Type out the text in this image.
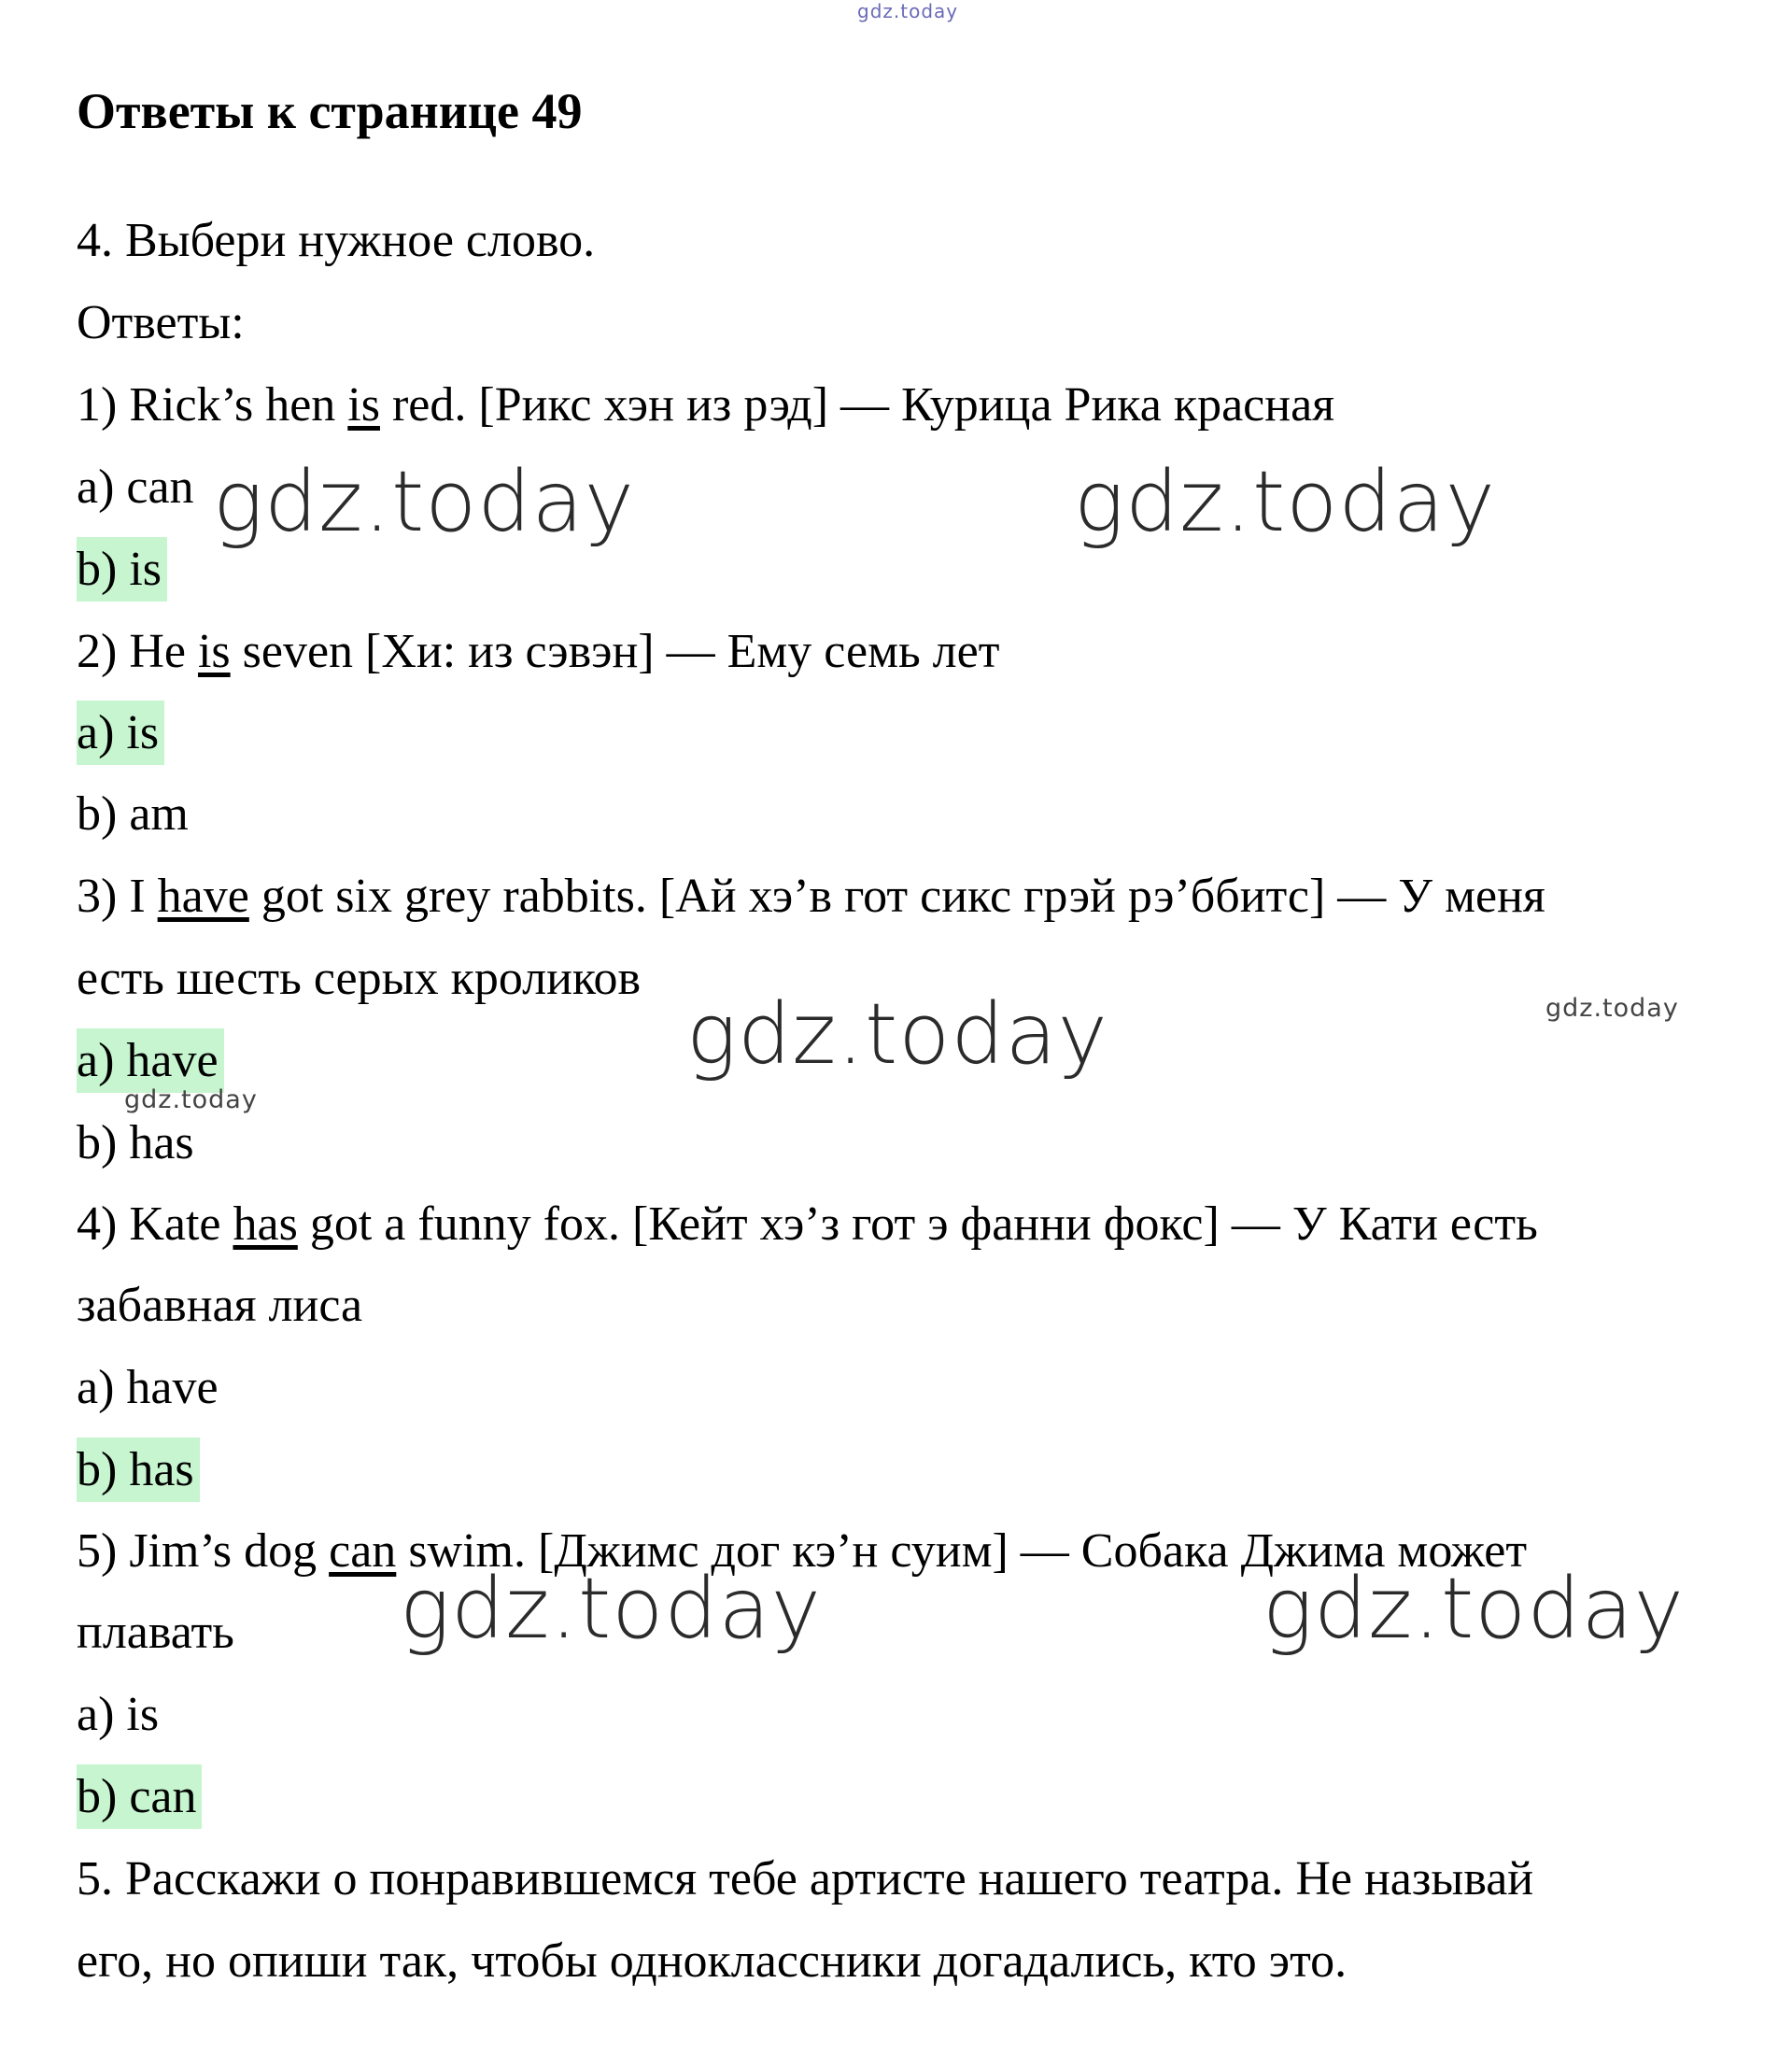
gdz.today
Ответы к странице 49
4. Выбери нужное слово.
Ответы:
1) Rick’s hen is red. [Рикс хэн из рэд] — Курица Рика красная
a) can
b) is
2) He is seven [Хи: из сэвэн] — Ему семь лет
a) is
b) am
3) I have got six grey rabbits. [Ай хэ’в гот сикс грэй рэ’ббитс] — У меня
есть шесть серых кроликов
a) have
b) has
4) Kate has got a funny fox. [Кейт хэ’з гот э фанни фокс] — У Кати есть
забавная лиса
a) have
b) has
5) Jim’s dog can swim. [Джимс дог кэ’н суим] — Собака Джима может
плавать
a) is
b) can
5. Расскажи о понравившемся тебе артисте нашего театра. Не называй
его, но опиши так, чтобы одноклассники догадались, кто это.
gdz.today	gdz.today
gdz.today	gdz.today
gdz.today
gdz.today	gdz.today
